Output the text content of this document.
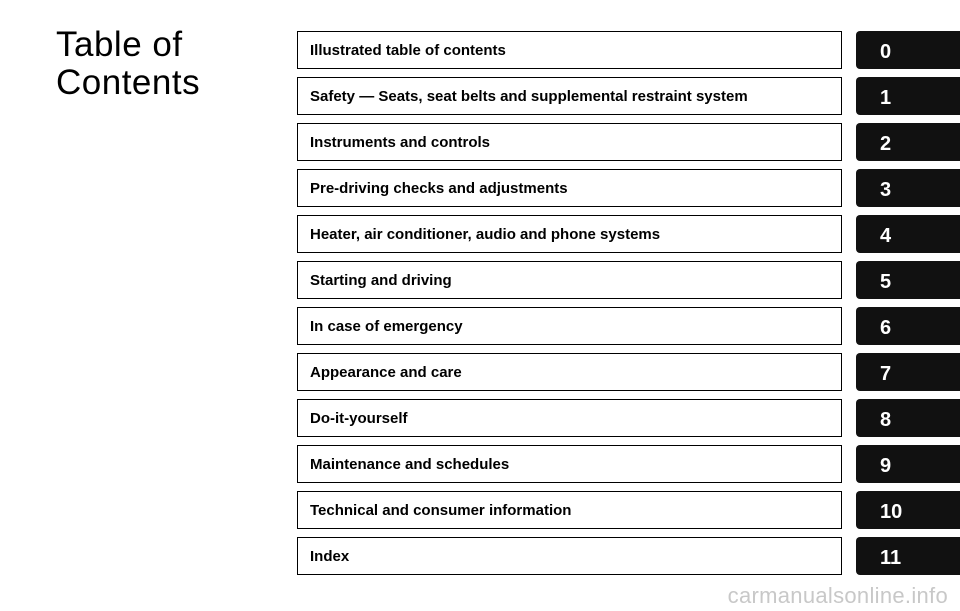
Table of
Contents
Illustrated table of contents
Safety — Seats, seat belts and supplemental restraint system
Instruments and controls
Pre-driving checks and adjustments
Heater, air conditioner, audio and phone systems
Starting and driving
In case of emergency
Appearance and care
Do-it-yourself
Maintenance and schedules
Technical and consumer information
Index
0
1
2
3
4
5
6
7
8
9
10
11
carmanualsonline.info
